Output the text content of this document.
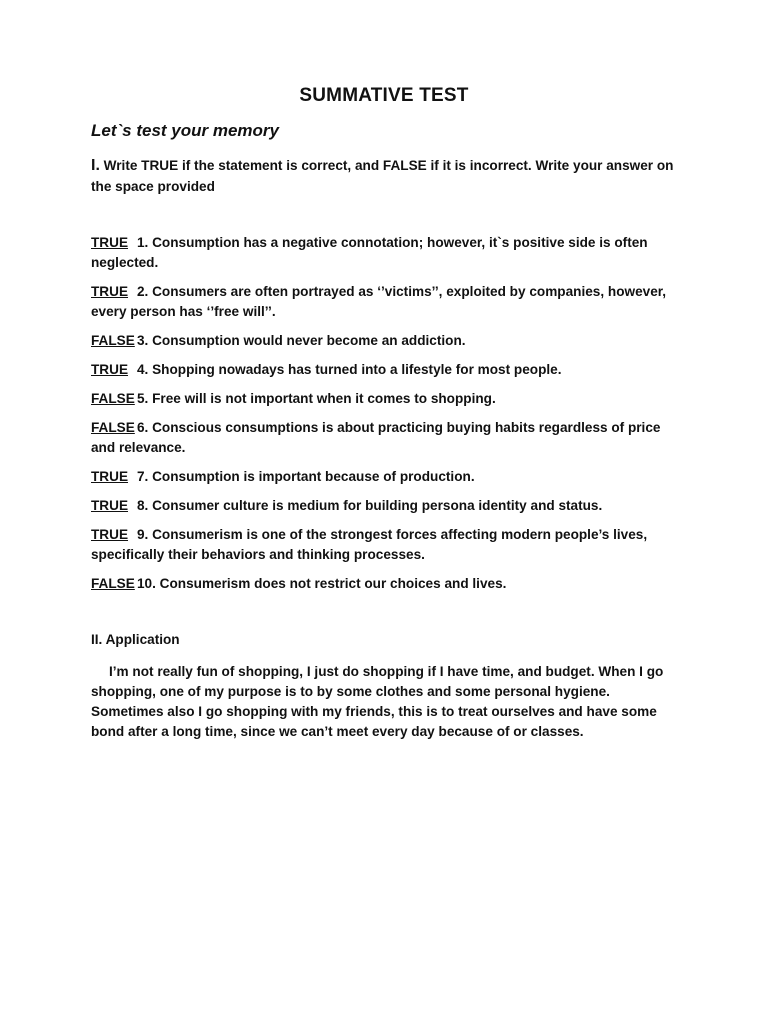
SUMMATIVE TEST
Let`s test your memory
I. Write TRUE if the statement is correct, and FALSE if it is incorrect. Write your answer on the space provided
TRUE1. Consumption has a negative connotation; however, it`s positive side is often neglected.
TRUE2. Consumers are often portrayed as ‘’victims’’, exploited by companies, however, every person has ‘’free will’’.
FALSE3. Consumption would never become an addiction.
TRUE4. Shopping nowadays has turned into a lifestyle for most people.
FALSE5. Free will is not important when it comes to shopping.
FALSE6. Conscious consumptions is about practicing buying habits regardless of price and relevance.
TRUE7. Consumption is important because of production.
TRUE8. Consumer culture is medium for building persona identity and status.
TRUE9. Consumerism is one of the strongest forces affecting modern people’s lives, specifically their behaviors and thinking processes.
FALSE10. Consumerism does not restrict our choices and lives.
II. Application

I’m not really fun of shopping, I just do shopping if I have time, and budget. When I go shopping, one of my purpose is to by some clothes and some personal hygiene. Sometimes also I go shopping with my friends, this is to treat ourselves and have some bond after a long time, since we can’t meet every day because of or classes.
